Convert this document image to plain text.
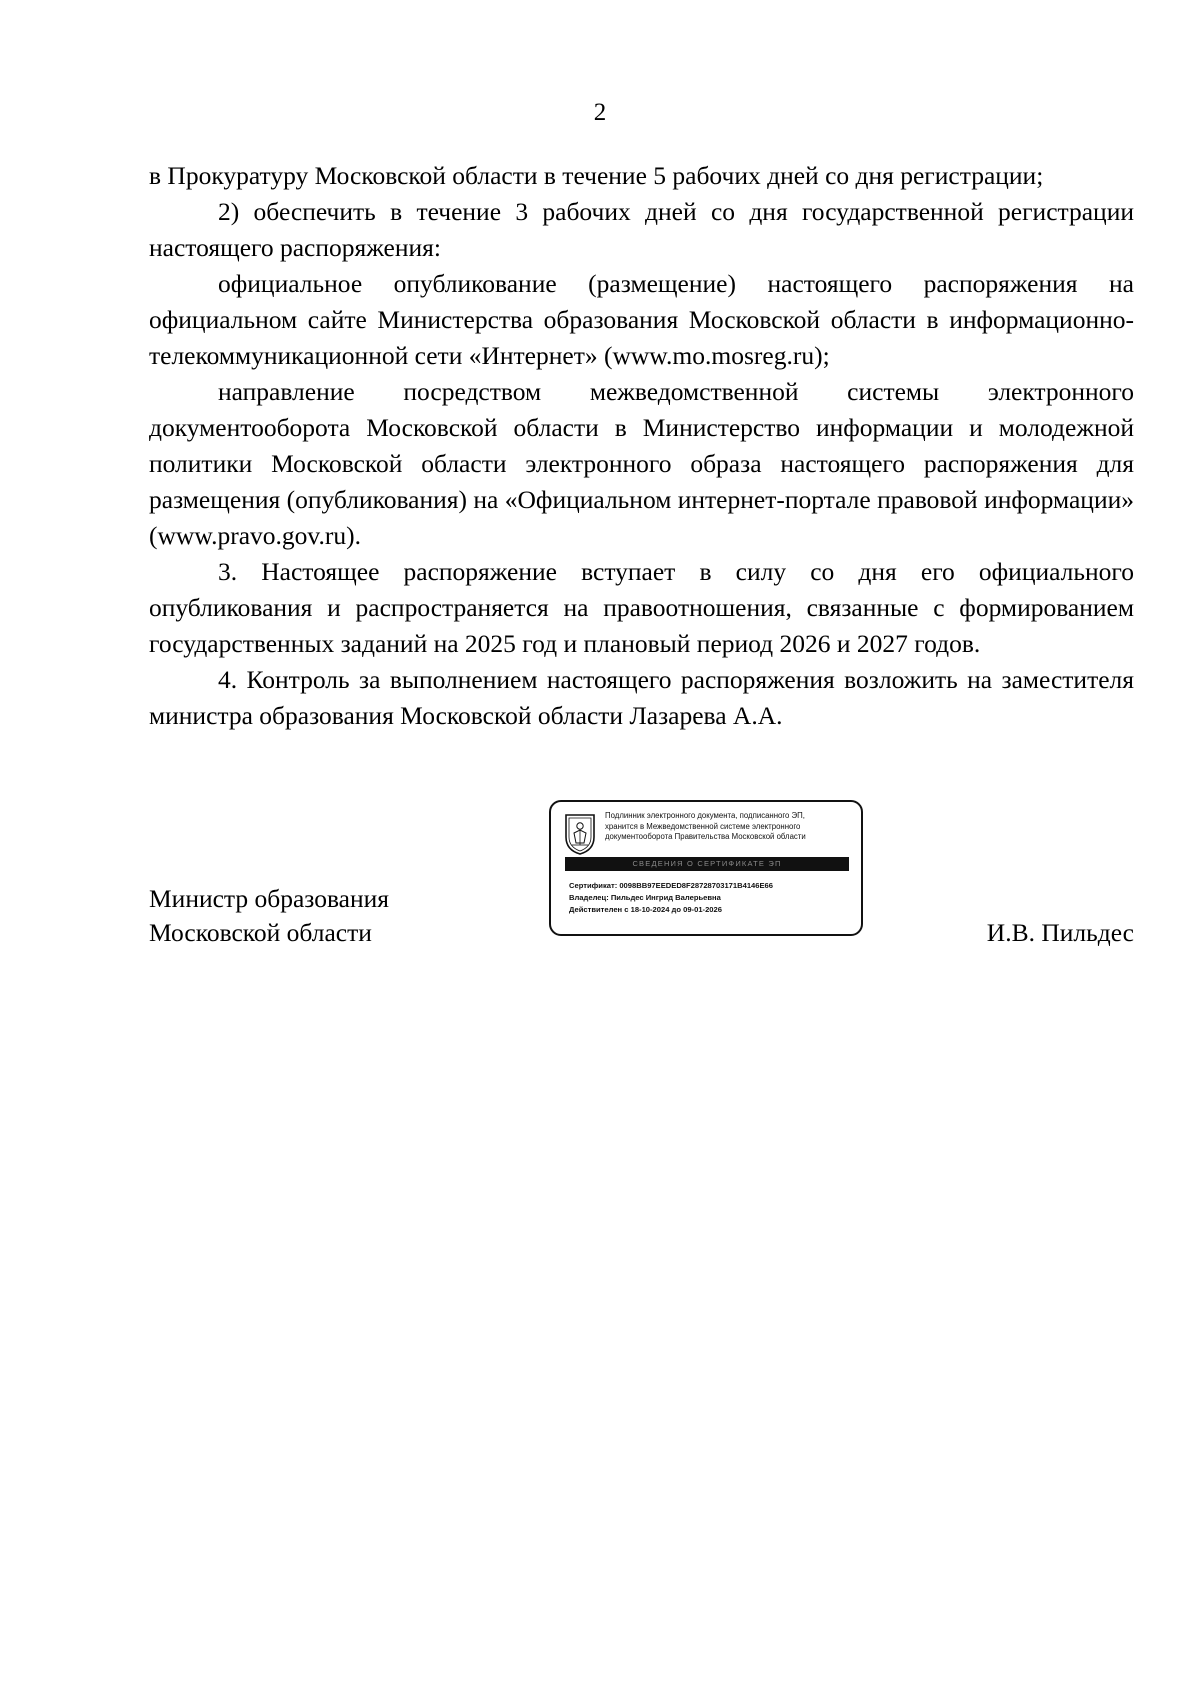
2

в Прокуратуру Московской области в течение 5 рабочих дней со дня регистрации;

2) обеспечить в течение 3 рабочих дней со дня государственной регистрации настоящего распоряжения:

официальное опубликование (размещение) настоящего распоряжения на официальном сайте Министерства образования Московской области в информационно-телекоммуникационной сети «Интернет» (www.mo.mosreg.ru);

направление посредством межведомственной системы электронного документооборота Московской области в Министерство информации и молодежной политики Московской области электронного образа настоящего распоряжения для размещения (опубликования) на «Официальном интернет-портале правовой информации» (www.pravo.gov.ru).

3. Настоящее распоряжение вступает в силу со дня его официального опубликования и распространяется на правоотношения, связанные с формированием государственных заданий на 2025 год и плановый период 2026 и 2027 годов.

4. Контроль за выполнением настоящего распоряжения возложить на заместителя министра образования Московской области Лазарева А.А.

Министр образования
Московской области
Подлинник электронного документа, подписанного ЭП,
хранится в Межведомственной системе электронного
документооборота Правительства Московской области
СВЕДЕНИЯ О СЕРТИФИКАТЕ ЭП
Сертификат: 0098BB97EEDED8F28728703171B4146E66
Владелец: Пильдес Ингрид Валерьевна
Действителен с 18-10-2024 до 09-01-2026
И.В. Пильдес
